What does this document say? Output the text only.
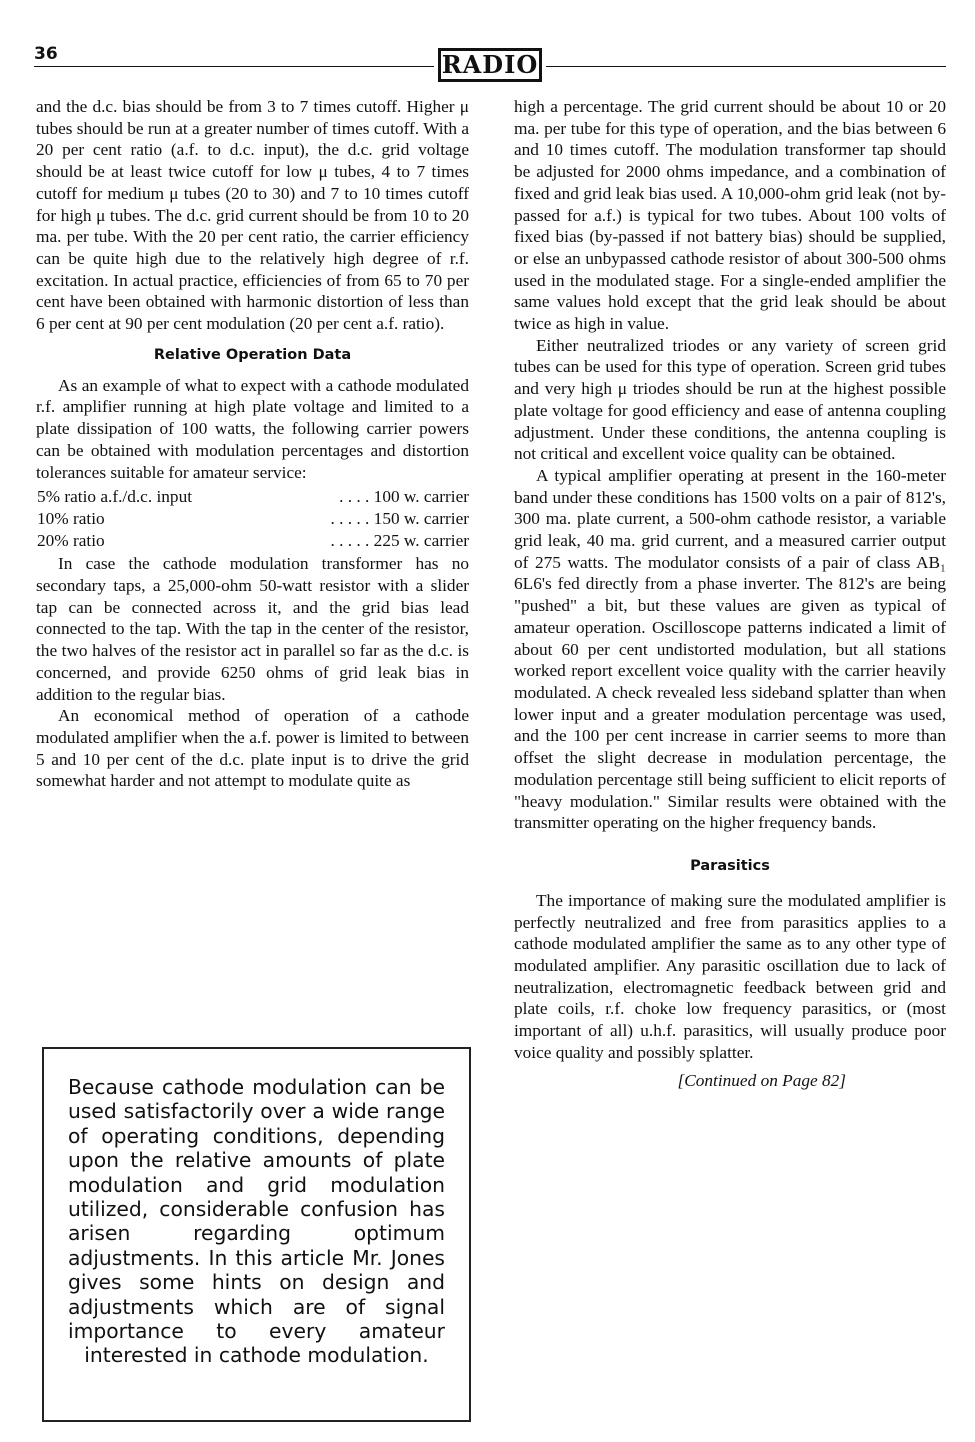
36	RADIO

and the d.c. bias should be from 3 to 7 times cutoff. Higher μ tubes should be run at a greater number of times cutoff. With a 20 per cent ratio (a.f. to d.c. input), the d.c. grid voltage should be at least twice cutoff for low μ tubes, 4 to 7 times cutoff for medium μ tubes (20 to 30) and 7 to 10 times cutoff for high μ tubes. The d.c. grid current should be from 10 to 20 ma. per tube. With the 20 per cent ratio, the carrier efficiency can be quite high due to the relatively high degree of r.f. excitation. In actual practice, efficiencies of from 65 to 70 per cent have been obtained with harmonic distortion of less than 6 per cent at 90 per cent modulation (20 per cent a.f. ratio).

Relative Operation Data

As an example of what to expect with a cathode modulated r.f. amplifier running at high plate voltage and limited to a plate dissipation of 100 watts, the following carrier powers can be obtained with modulation percentages and distortion tolerances suitable for amateur service:

5% ratio a.f./d.c. input	. . . . 100 w. carrier
10% ratio	. . . . . 150 w. carrier
20% ratio	. . . . . 225 w. carrier

In case the cathode modulation transformer has no secondary taps, a 25,000-ohm 50-watt resistor with a slider tap can be connected across it, and the grid bias lead connected to the tap. With the tap in the center of the resistor, the two halves of the resistor act in parallel so far as the d.c. is concerned, and provide 6250 ohms of grid leak bias in addition to the regular bias.

An economical method of operation of a cathode modulated amplifier when the a.f. power is limited to between 5 and 10 per cent of the d.c. plate input is to drive the grid somewhat harder and not attempt to modulate quite as

Because cathode modulation can be used satisfactorily over a wide range of operating conditions, depending upon the relative amounts of plate modulation and grid modulation utilized, considerable confusion has arisen regarding optimum adjustments. In this article Mr. Jones gives some hints on design and adjustments which are of signal importance to every amateur interested in cathode modulation.

high a percentage. The grid current should be about 10 or 20 ma. per tube for this type of operation, and the bias between 6 and 10 times cutoff. The modulation transformer tap should be adjusted for 2000 ohms impedance, and a combination of fixed and grid leak bias used. A 10,000-ohm grid leak (not by-passed for a.f.) is typical for two tubes. About 100 volts of fixed bias (by-passed if not battery bias) should be supplied, or else an unbypassed cathode resistor of about 300-500 ohms used in the modulated stage. For a single-ended amplifier the same values hold except that the grid leak should be about twice as high in value.

Either neutralized triodes or any variety of screen grid tubes can be used for this type of operation. Screen grid tubes and very high μ triodes should be run at the highest possible plate voltage for good efficiency and ease of antenna coupling adjustment. Under these conditions, the antenna coupling is not critical and excellent voice quality can be obtained.

A typical amplifier operating at present in the 160-meter band under these conditions has 1500 volts on a pair of 812's, 300 ma. plate current, a 500-ohm cathode resistor, a variable grid leak, 40 ma. grid current, and a measured carrier output of 275 watts. The modulator consists of a pair of class AB₁ 6L6's fed directly from a phase inverter. The 812's are being "pushed" a bit, but these values are given as typical of amateur operation. Oscilloscope patterns indicated a limit of about 60 per cent undistorted modulation, but all stations worked report excellent voice quality with the carrier heavily modulated. A check revealed less sideband splatter than when lower input and a greater modulation percentage was used, and the 100 per cent increase in carrier seems to more than offset the slight decrease in modulation percentage, the modulation percentage still being sufficient to elicit reports of "heavy modulation." Similar results were obtained with the transmitter operating on the higher frequency bands.

Parasitics

The importance of making sure the modulated amplifier is perfectly neutralized and free from parasitics applies to a cathode modulated amplifier the same as to any other type of modulated amplifier. Any parasitic oscillation due to lack of neutralization, electromagnetic feedback between grid and plate coils, r.f. choke low frequency parasitics, or (most important of all) u.h.f. parasitics, will usually produce poor voice quality and possibly splatter.

[Continued on Page 82]
